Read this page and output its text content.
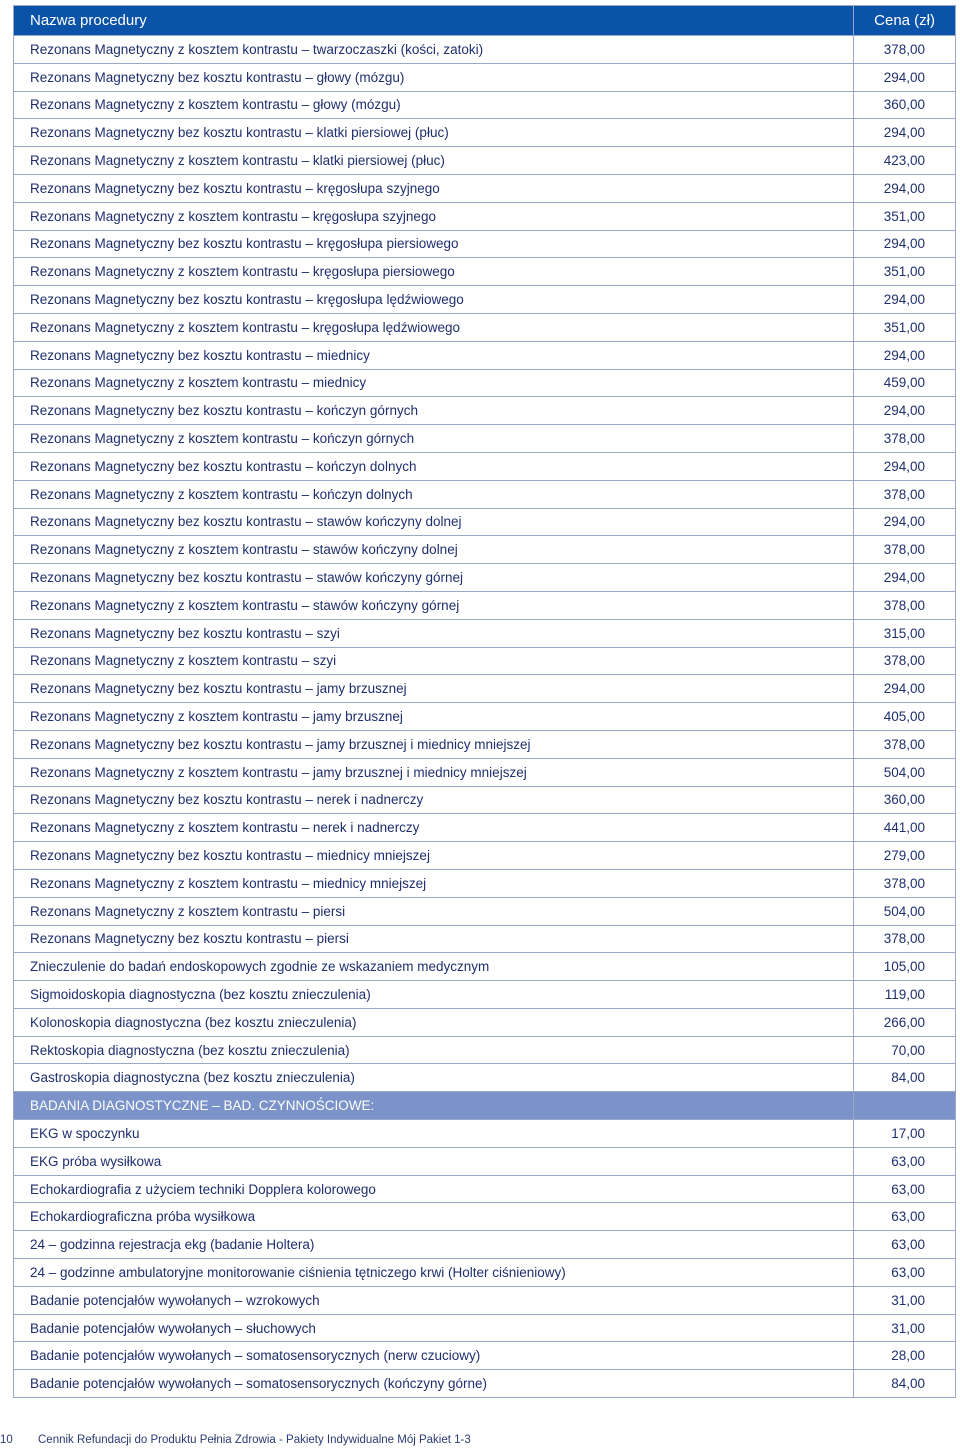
Nazwa procedury	Cena (zł)
Rezonans Magnetyczny z kosztem kontrastu – twarzoczaszki (kości, zatoki)	378,00
Rezonans Magnetyczny bez kosztu kontrastu – głowy (mózgu)	294,00
Rezonans Magnetyczny z kosztem kontrastu – głowy (mózgu)	360,00
Rezonans Magnetyczny bez kosztu kontrastu – klatki piersiowej (płuc)	294,00
Rezonans Magnetyczny z kosztem kontrastu – klatki piersiowej (płuc)	423,00
Rezonans Magnetyczny bez kosztu kontrastu – kręgosłupa szyjnego	294,00
Rezonans Magnetyczny z kosztem kontrastu – kręgosłupa szyjnego	351,00
Rezonans Magnetyczny bez kosztu kontrastu – kręgosłupa piersiowego	294,00
Rezonans Magnetyczny z kosztem kontrastu – kręgosłupa piersiowego	351,00
Rezonans Magnetyczny bez kosztu kontrastu – kręgosłupa lędźwiowego	294,00
Rezonans Magnetyczny z kosztem kontrastu – kręgosłupa lędźwiowego	351,00
Rezonans Magnetyczny bez kosztu kontrastu – miednicy	294,00
Rezonans Magnetyczny z kosztem kontrastu – miednicy	459,00
Rezonans Magnetyczny bez kosztu kontrastu – kończyn górnych	294,00
Rezonans Magnetyczny z kosztem kontrastu – kończyn górnych	378,00
Rezonans Magnetyczny bez kosztu kontrastu – kończyn dolnych	294,00
Rezonans Magnetyczny z kosztem kontrastu – kończyn dolnych	378,00
Rezonans Magnetyczny bez kosztu kontrastu – stawów kończyny dolnej	294,00
Rezonans Magnetyczny z kosztem kontrastu – stawów kończyny dolnej	378,00
Rezonans Magnetyczny bez kosztu kontrastu – stawów kończyny górnej	294,00
Rezonans Magnetyczny z kosztem kontrastu – stawów kończyny górnej	378,00
Rezonans Magnetyczny bez kosztu kontrastu – szyi	315,00
Rezonans Magnetyczny z kosztem kontrastu – szyi	378,00
Rezonans Magnetyczny bez kosztu kontrastu – jamy brzusznej	294,00
Rezonans Magnetyczny z kosztem kontrastu – jamy brzusznej	405,00
Rezonans Magnetyczny bez kosztu kontrastu – jamy brzusznej i miednicy mniejszej	378,00
Rezonans Magnetyczny z kosztem kontrastu – jamy brzusznej i miednicy mniejszej	504,00
Rezonans Magnetyczny bez kosztu kontrastu – nerek i nadnerczy	360,00
Rezonans Magnetyczny z kosztem kontrastu – nerek i nadnerczy	441,00
Rezonans Magnetyczny bez kosztu kontrastu – miednicy mniejszej	279,00
Rezonans Magnetyczny z kosztem kontrastu – miednicy mniejszej	378,00
Rezonans Magnetyczny z kosztem kontrastu – piersi	504,00
Rezonans Magnetyczny bez kosztu kontrastu – piersi	378,00
Znieczulenie do badań endoskopowych zgodnie ze wskazaniem medycznym	105,00
Sigmoidoskopia diagnostyczna (bez kosztu znieczulenia)	119,00
Kolonoskopia diagnostyczna (bez kosztu znieczulenia)	266,00
Rektoskopia diagnostyczna (bez kosztu znieczulenia)	70,00
Gastroskopia diagnostyczna (bez kosztu znieczulenia)	84,00
BADANIA DIAGNOSTYCZNE – BAD. CZYNNOŚCIOWE:	
EKG w spoczynku	17,00
EKG próba wysiłkowa	63,00
Echokardiografia z użyciem techniki Dopplera kolorowego	63,00
Echokardiograficzna próba wysiłkowa	63,00
24 – godzinna rejestracja ekg (badanie Holtera)	63,00
24 – godzinne ambulatoryjne monitorowanie ciśnienia tętniczego krwi (Holter ciśnieniowy)	63,00
Badanie potencjałów wywołanych – wzrokowych	31,00
Badanie potencjałów wywołanych – słuchowych	31,00
Badanie potencjałów wywołanych – somatosensorycznych (nerw czuciowy)	28,00
Badanie potencjałów wywołanych – somatosensorycznych (kończyny górne)	84,00
10 Cennik Refundacji do Produktu Pełnia Zdrowia - Pakiety Indywidualne Mój Pakiet 1-3
